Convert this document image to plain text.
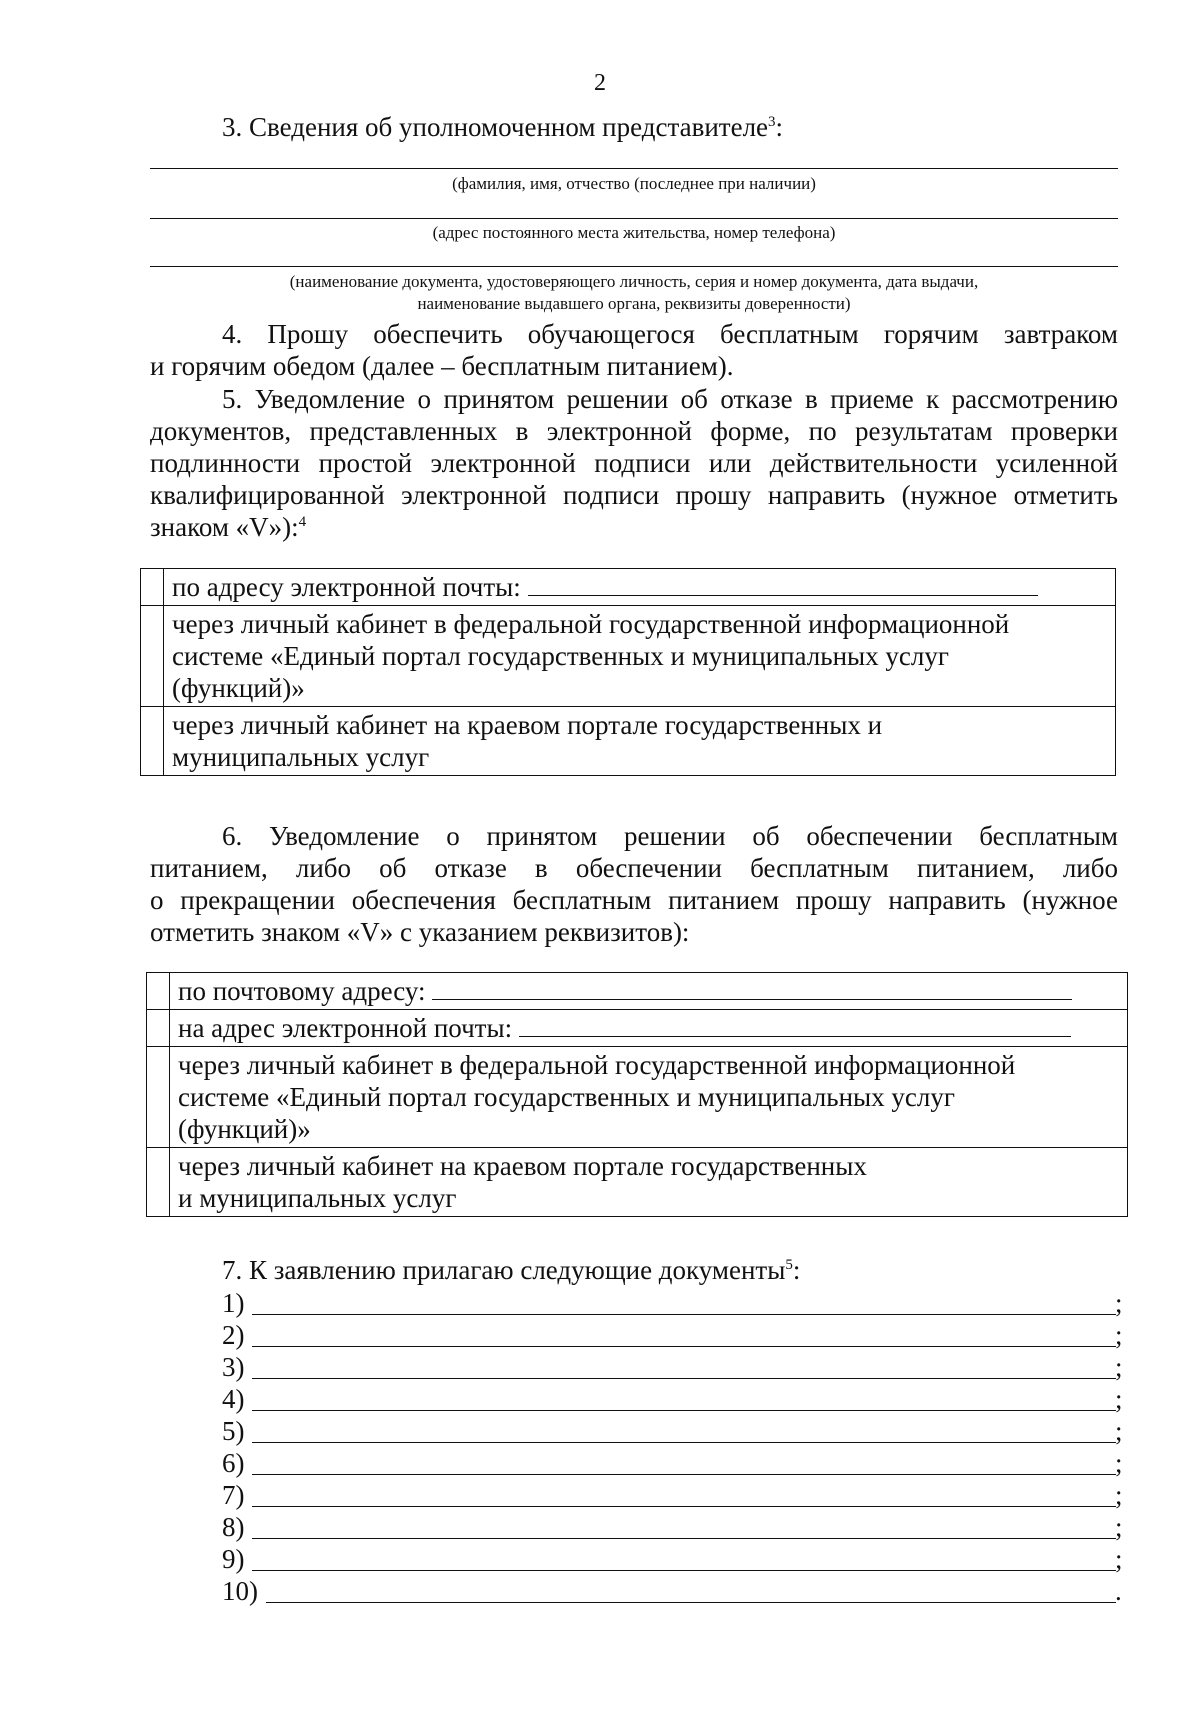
2
3. Сведения об уполномоченном представителе$^3$:
(фамилия, имя, отчество (последнее при наличии)
(адрес постоянного места жительства, номер телефона)
(наименование документа, удостоверяющего личность, серия и номер документа, дата выдачи,
наименование выдавшего органа, реквизиты доверенности)
4. Прошу обеспечить обучающегося бесплатным горячим завтраком
и горячим обедом (далее – бесплатным питанием).
5. Уведомление о принятом решении об отказе в приеме к рассмотрению
документов, представленных в электронной форме, по результатам проверки
подлинности простой электронной подписи или действительности усиленной
квалифицированной электронной подписи прошу направить (нужное отметить
знаком «V»):$^4$
	по адресу электронной почты:

	через личный кабинет в федеральной государственной информационной
системе «Единый портал государственных и муниципальных услуг
(функций)»

	через личный кабинет на краевом портале государственных и
муниципальных услуг
6. Уведомление о принятом решении об обеспечении бесплатным
питанием, либо об отказе в обеспечении бесплатным питанием, либо
о прекращении обеспечения бесплатным питанием прошу направить (нужное
отметить знаком «V» с указанием реквизитов):
	по почтовому адресу:
	на адрес электронной почты:

	через личный кабинет в федеральной государственной информационной
системе «Единый портал государственных и муниципальных услуг
(функций)»

	через личный кабинет на краевом портале государственных
и муниципальных услуг
7. К заявлению прилагаю следующие документы$^5$:
1)	;
2)	;
3)	;
4)	;
5)	;
6)	;
7)	;
8)	;
9)	;
10)	.
